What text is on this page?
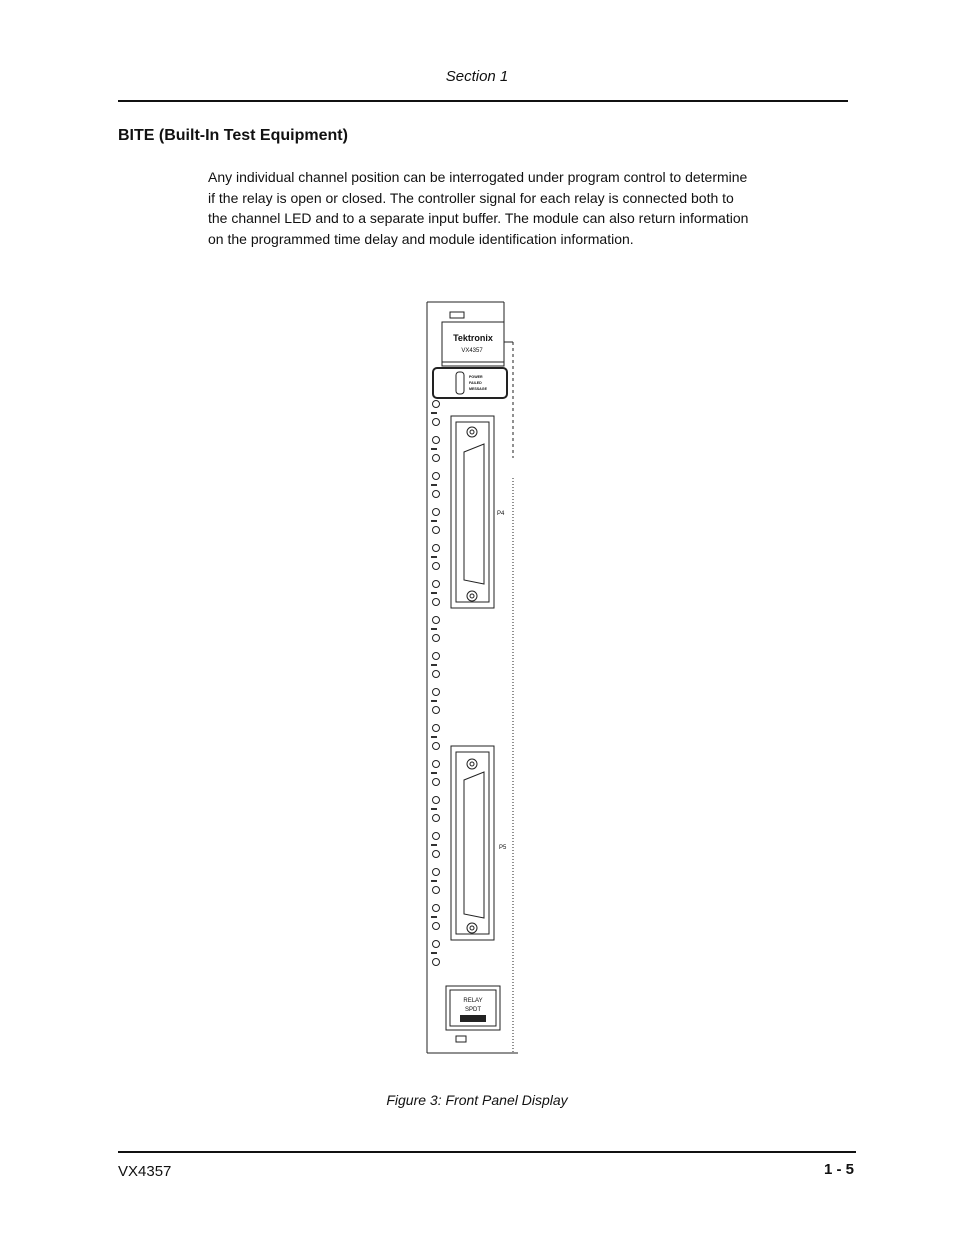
Section 1
BITE (Built-In Test Equipment)
Any individual channel position can be interrogated under program control to determine
if the relay is open or closed. The controller signal for each relay is connected both to
the channel LED and to a separate input buffer. The module can also return information
on the programmed time delay and module identification information.
Tektronix
VX4357
POWER
FAILED
MESSAGE
P4
P5
RELAY
SPDT
Figure 3: Front Panel Display
VX4357	1 - 5
